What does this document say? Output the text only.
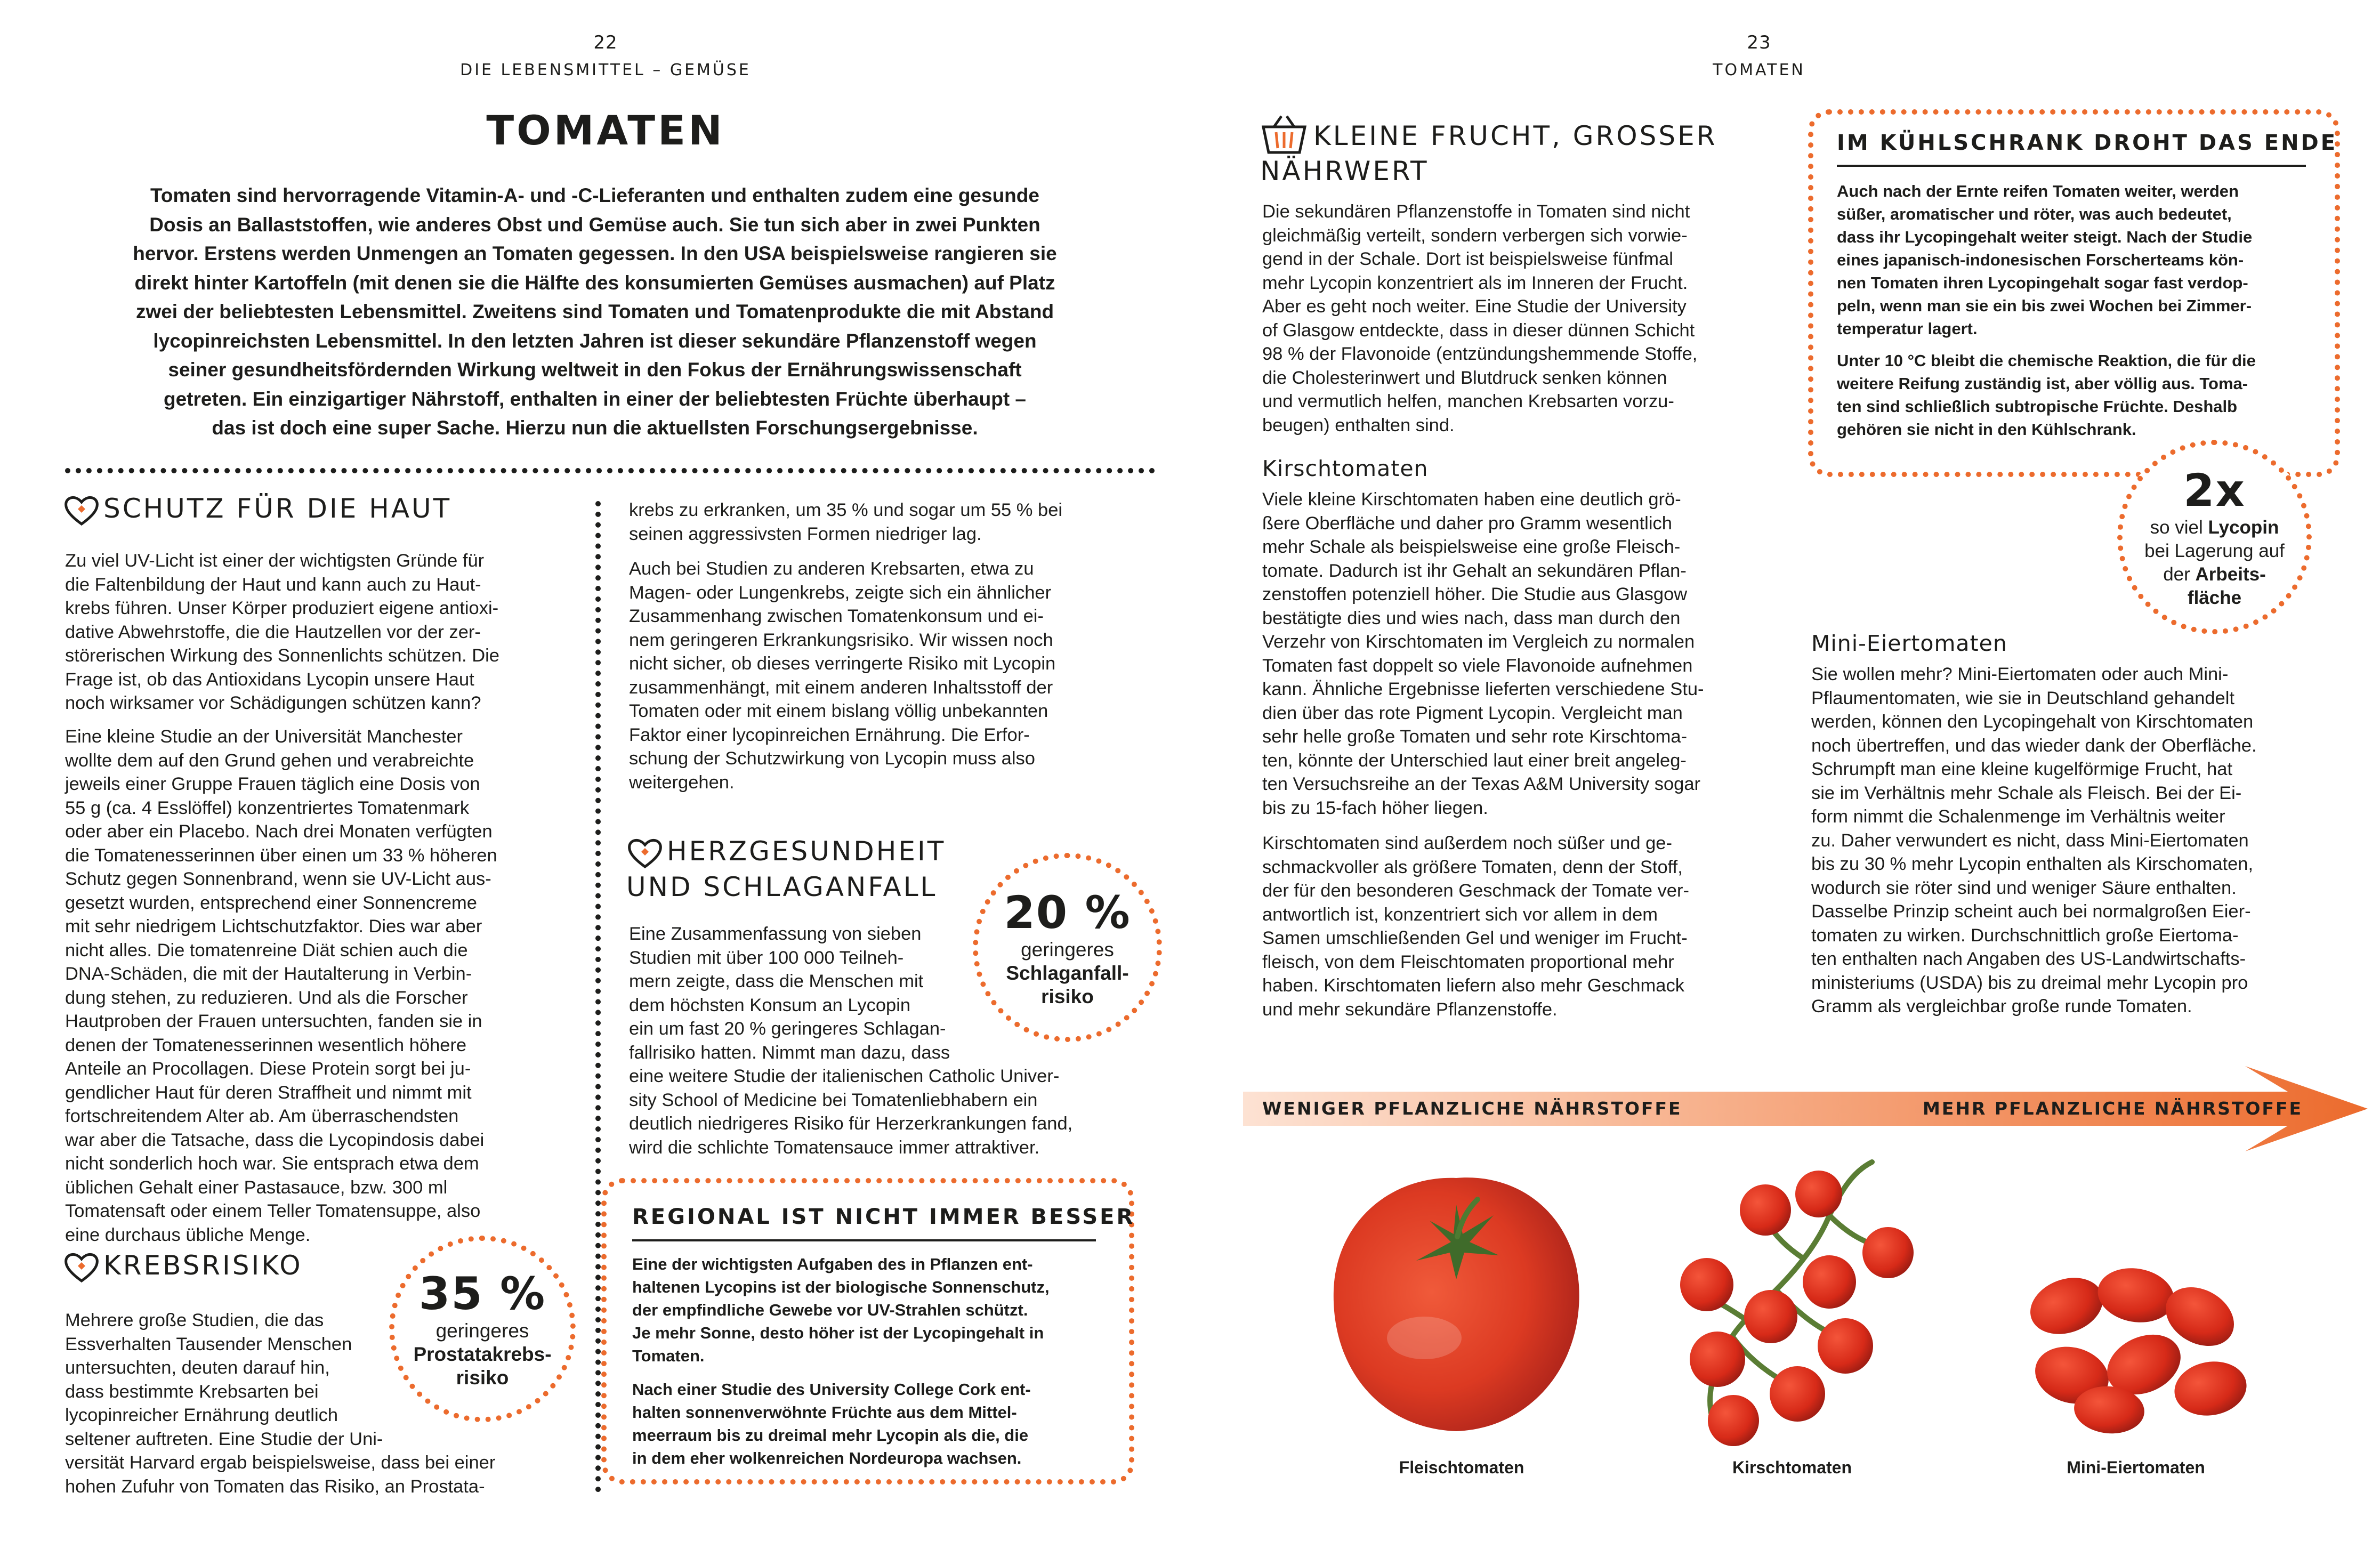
22
DIE LEBENSMITTEL – GEMÜSE
TOMATEN
Tomaten sind hervorragende Vitamin-A- und -C-Lieferanten und enthalten zudem eine gesunde
Dosis an Ballaststoffen, wie anderes Obst und Gemüse auch. Sie tun sich aber in zwei Punkten
hervor. Erstens werden Unmengen an Tomaten gegessen. In den USA beispielsweise rangieren sie
direkt hinter Kartoffeln (mit denen sie die Hälfte des konsumierten Gemüses ausmachen) auf Platz
zwei der beliebtesten Lebensmittel. Zweitens sind Tomaten und Tomatenprodukte die mit Abstand
lycopinreichsten Lebensmittel. In den letzten Jahren ist dieser sekundäre Pflanzenstoff wegen
seiner gesundheitsfördernden Wirkung weltweit in den Fokus der Ernährungswissenschaft
getreten. Ein einzigartiger Nährstoff, enthalten in einer der beliebtesten Früchte überhaupt –
das ist doch eine super Sache. Hierzu nun die aktuellsten Forschungsergebnisse.
SCHUTZ FÜR DIE HAUT
Zu viel UV-Licht ist einer der wichtigsten Gründe für
die Faltenbildung der Haut und kann auch zu Haut-
krebs führen. Unser Körper produziert eigene antioxi-
dative Abwehrstoffe, die die Hautzellen vor der zer-
störerischen Wirkung des Sonnenlichts schützen. Die
Frage ist, ob das Antioxidans Lycopin unsere Haut
noch wirksamer vor Schädigungen schützen kann?
Eine kleine Studie an der Universität Manchester
wollte dem auf den Grund gehen und verabreichte
jeweils einer Gruppe Frauen täglich eine Dosis von
55 g (ca. 4 Esslöffel) konzentriertes Tomatenmark
oder aber ein Placebo. Nach drei Monaten verfügten
die Tomatenesserinnen über einen um 33 % höheren
Schutz gegen Sonnenbrand, wenn sie UV-Licht aus-
gesetzt wurden, entsprechend einer Sonnencreme
mit sehr niedrigem Lichtschutzfaktor. Dies war aber
nicht alles. Die tomatenreine Diät schien auch die
DNA-Schäden, die mit der Hautalterung in Verbin-
dung stehen, zu reduzieren. Und als die Forscher
Hautproben der Frauen untersuchten, fanden sie in
denen der Tomatenesserinnen wesentlich höhere
Anteile an Procollagen. Diese Protein sorgt bei ju-
gendlicher Haut für deren Straffheit und nimmt mit
fortschreitendem Alter ab. Am überraschendsten
war aber die Tatsache, dass die Lycopindosis dabei
nicht sonderlich hoch war. Sie entsprach etwa dem
üblichen Gehalt einer Pastasauce, bzw. 300 ml
Tomatensaft oder einem Teller Tomatensuppe, also
eine durchaus übliche Menge.
KREBSRISIKO
Mehrere große Studien, die das
Essverhalten Tausender Menschen
untersuchten, deuten darauf hin,
dass bestimmte Krebsarten bei
lycopinreicher Ernährung deutlich
seltener auftreten. Eine Studie der Uni-
versität Harvard ergab beispielsweise, dass bei einer
hohen Zufuhr von Tomaten das Risiko, an Prostata-
35 %
geringeres
Prostatakrebs-
risiko
krebs zu erkranken, um 35 % und sogar um 55 % bei
seinen aggressivsten Formen niedriger lag.
Auch bei Studien zu anderen Krebsarten, etwa zu
Magen- oder Lungenkrebs, zeigte sich ein ähnlicher
Zusammenhang zwischen Tomatenkonsum und ei-
nem geringeren Erkrankungsrisiko. Wir wissen noch
nicht sicher, ob dieses verringerte Risiko mit Lycopin
zusammenhängt, mit einem anderen Inhaltsstoff der
Tomaten oder mit einem bislang völlig unbekannten
Faktor einer lycopinreichen Ernährung. Die Erfor-
schung der Schutzwirkung von Lycopin muss also
weitergehen.
HERZGESUNDHEIT
UND SCHLAGANFALL
Eine Zusammenfassung von sieben
Studien mit über 100 000 Teilneh-
mern zeigte, dass die Menschen mit
dem höchsten Konsum an Lycopin
ein um fast 20 % geringeres Schlagan-
fallrisiko hatten. Nimmt man dazu, dass
eine weitere Studie der italienischen Catholic Univer-
sity School of Medicine bei Tomatenliebhabern ein
deutlich niedrigeres Risiko für Herzerkrankungen fand,
wird die schlichte Tomatensauce immer attraktiver.
20 %
geringeres
Schlaganfall-
risiko
REGIONAL IST NICHT IMMER BESSER
Eine der wichtigsten Aufgaben des in Pflanzen ent-
haltenen Lycopins ist der biologische Sonnenschutz,
der empfindliche Gewebe vor UV-Strahlen schützt.
Je mehr Sonne, desto höher ist der Lycopingehalt in
Tomaten.
Nach einer Studie des University College Cork ent-
halten sonnenverwöhnte Früchte aus dem Mittel-
meerraum bis zu dreimal mehr Lycopin als die, die
in dem eher wolkenreichen Nordeuropa wachsen.
23
TOMATEN
KLEINE FRUCHT, GROSSER
NÄHRWERT
Die sekundären Pflanzenstoffe in Tomaten sind nicht
gleichmäßig verteilt, sondern verbergen sich vorwie-
gend in der Schale. Dort ist beispielsweise fünfmal
mehr Lycopin konzentriert als im Inneren der Frucht.
Aber es geht noch weiter. Eine Studie der University
of Glasgow entdeckte, dass in dieser dünnen Schicht
98 % der Flavonoide (entzündungshemmende Stoffe,
die Cholesterinwert und Blutdruck senken können
und vermutlich helfen, manchen Krebsarten vorzu-
beugen) enthalten sind.
Kirschtomaten
Viele kleine Kirschtomaten haben eine deutlich grö-
ßere Oberfläche und daher pro Gramm wesentlich
mehr Schale als beispielsweise eine große Fleisch-
tomate. Dadurch ist ihr Gehalt an sekundären Pflan-
zenstoffen potenziell höher. Die Studie aus Glasgow
bestätigte dies und wies nach, dass man durch den
Verzehr von Kirschtomaten im Vergleich zu normalen
Tomaten fast doppelt so viele Flavonoide aufnehmen
kann. Ähnliche Ergebnisse lieferten verschiedene Stu-
dien über das rote Pigment Lycopin. Vergleicht man
sehr helle große Tomaten und sehr rote Kirschtoma-
ten, könnte der Unterschied laut einer breit angeleg-
ten Versuchsreihe an der Texas A&M University sogar
bis zu 15-fach höher liegen.
Kirschtomaten sind außerdem noch süßer und ge-
schmackvoller als größere Tomaten, denn der Stoff,
der für den besonderen Geschmack der Tomate ver-
antwortlich ist, konzentriert sich vor allem in dem
Samen umschließenden Gel und weniger im Frucht-
fleisch, von dem Fleischtomaten proportional mehr
haben. Kirschtomaten liefern also mehr Geschmack
und mehr sekundäre Pflanzenstoffe.
IM KÜHLSCHRANK DROHT DAS ENDE
Auch nach der Ernte reifen Tomaten weiter, werden
süßer, aromatischer und röter, was auch bedeutet,
dass ihr Lycopingehalt weiter steigt. Nach der Studie
eines japanisch-indonesischen Forscherteams kön-
nen Tomaten ihren Lycopingehalt sogar fast verdop-
peln, wenn man sie ein bis zwei Wochen bei Zimmer-
temperatur lagert.
Unter 10 °C bleibt die chemische Reaktion, die für die
weitere Reifung zuständig ist, aber völlig aus. Toma-
ten sind schließlich subtropische Früchte. Deshalb
gehören sie nicht in den Kühlschrank.
2x
so viel Lycopin
bei Lagerung auf
der Arbeits-
fläche
Mini-Eiertomaten
Sie wollen mehr? Mini-Eiertomaten oder auch Mini-
Pflaumentomaten, wie sie in Deutschland gehandelt
werden, können den Lycopingehalt von Kirschtomaten
noch übertreffen, und das wieder dank der Oberfläche.
Schrumpft man eine kleine kugelförmige Frucht, hat
sie im Verhältnis mehr Schale als Fleisch. Bei der Ei-
form nimmt die Schalenmenge im Verhältnis weiter
zu. Daher verwundert es nicht, dass Mini-Eiertomaten
bis zu 30 % mehr Lycopin enthalten als Kirschomaten,
wodurch sie röter sind und weniger Säure enthalten.
Dasselbe Prinzip scheint auch bei normalgroßen Eier-
tomaten zu wirken. Durchschnittlich große Eiertoma-
ten enthalten nach Angaben des US-Landwirtschafts-
ministeriums (USDA) bis zu dreimal mehr Lycopin pro
Gramm als vergleichbar große runde Tomaten.
WENIGER PFLANZLICHE NÄHRSTOFFE	MEHR PFLANZLICHE NÄHRSTOFFE
Fleischtomaten	Kirschtomaten	Mini-Eiertomaten
